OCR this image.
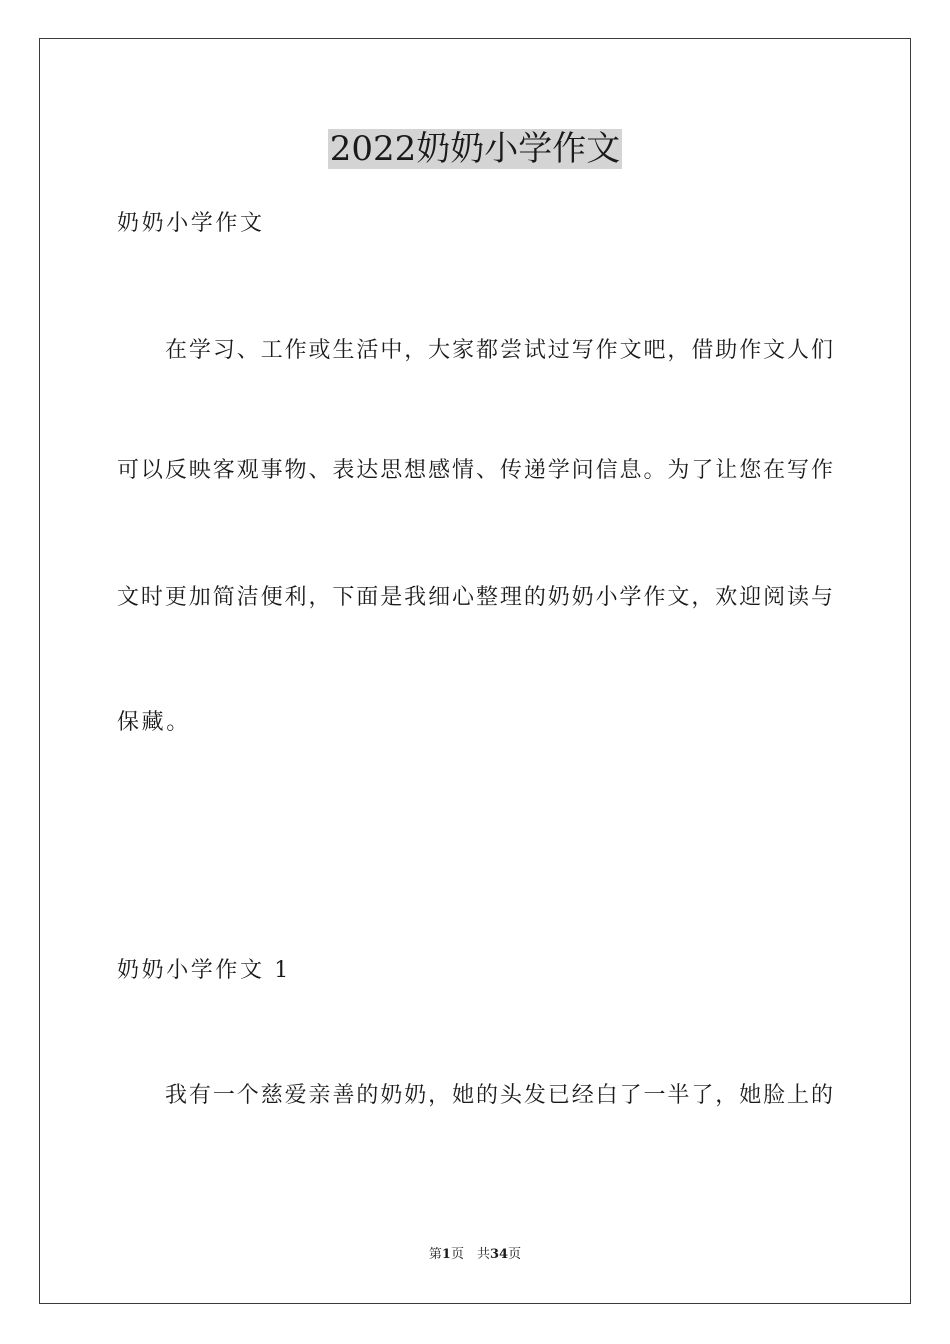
2022奶奶小学作文
奶奶小学作文
在学习、工作或生活中，大家都尝试过写作文吧，借助作文人们
可以反映客观事物、表达思想感情、传递学问信息。为了让您在写作
文时更加简洁便利，下面是我细心整理的奶奶小学作文，欢迎阅读与
保藏。
奶奶小学作文 1
我有一个慈爱亲善的奶奶，她的头发已经白了一半了，她脸上的
第1页　共34页
